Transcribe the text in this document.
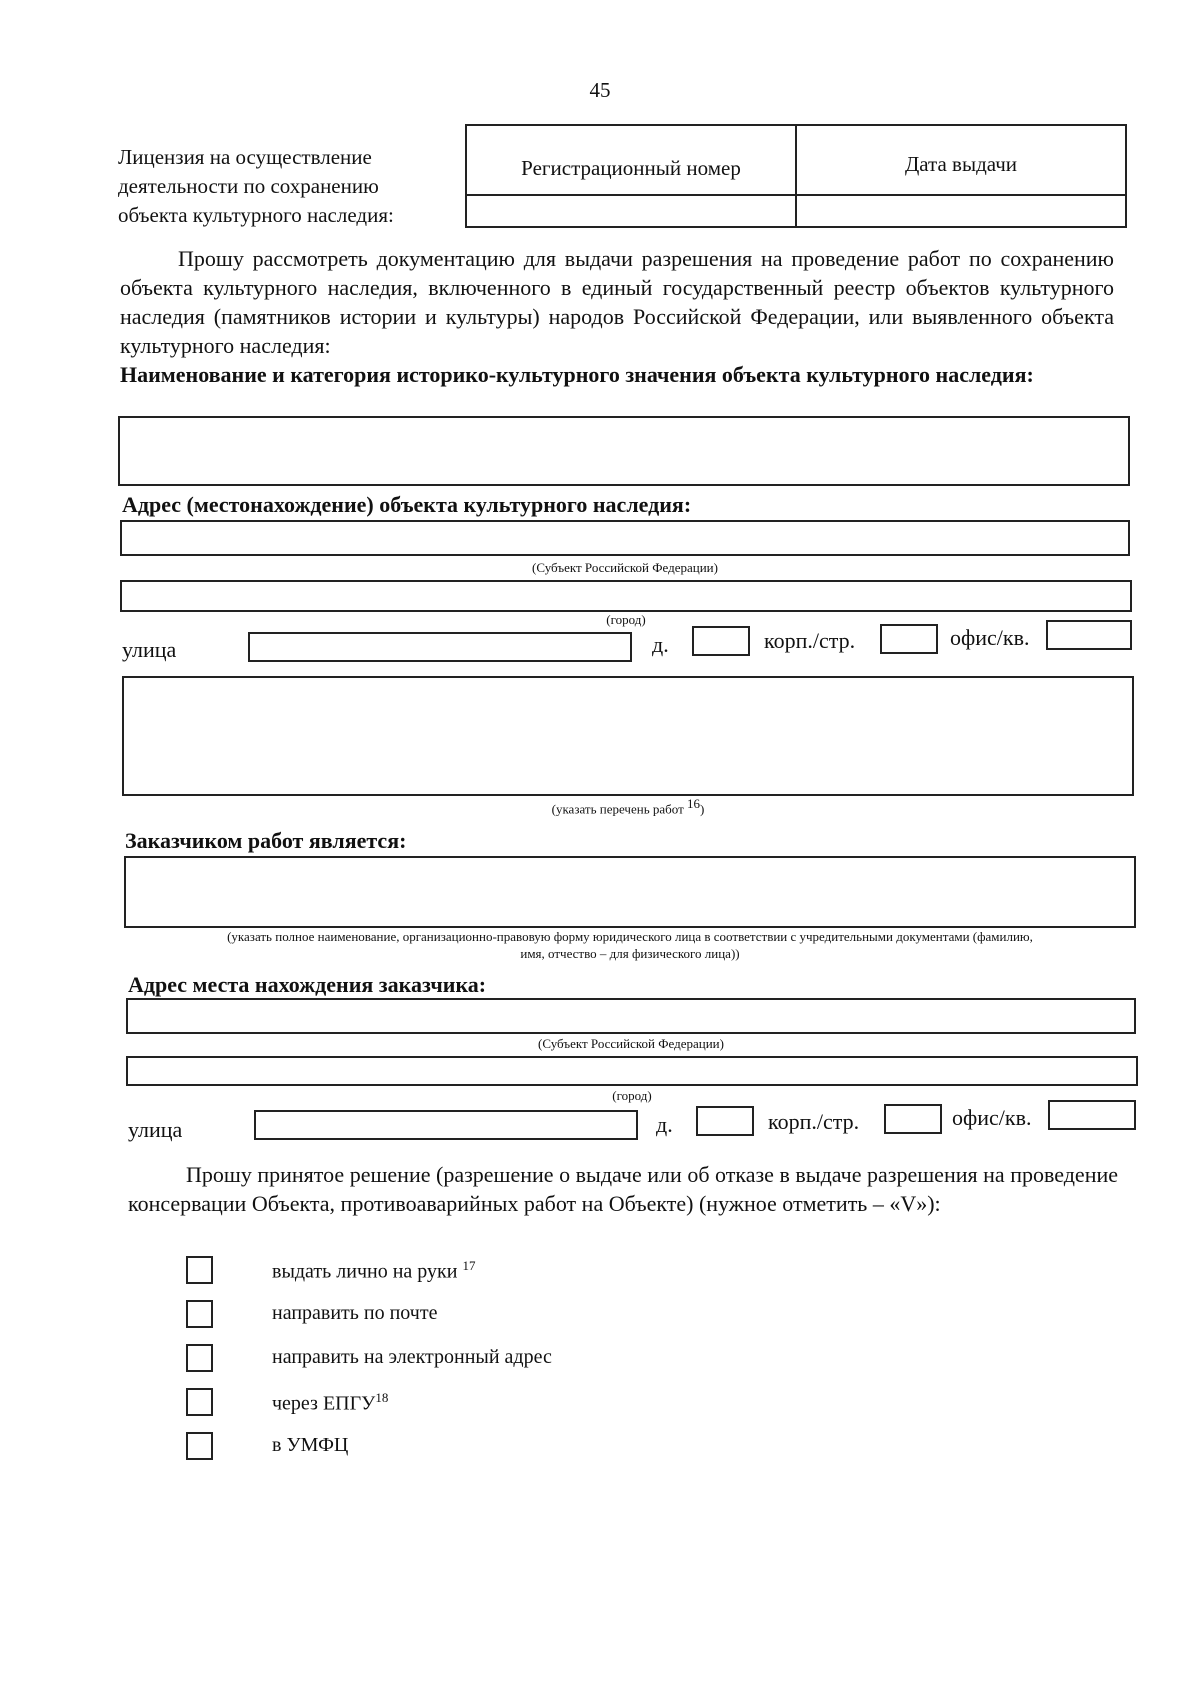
45
Лицензия на осуществление деятельности по сохранению объекта культурного наследия:
Регистрационный номер	Дата выдачи
Прошу рассмотреть документацию для выдачи разрешения на проведение работ по сохранению объекта культурного наследия, включенного в единый государственный реестр объектов культурного наследия (памятников истории и культуры) народов Российской Федерации, или выявленного объекта культурного наследия:
Наименование и категория историко-культурного значения объекта культурного наследия:
Адрес (местонахождение) объекта культурного наследия:
(Субъект Российской Федерации)
(город)
улица	д.	корп./стр.	офис/кв.
(указать перечень работ $^{16}$)
Заказчиком работ является:
(указать полное наименование, организационно-правовую форму юридического лица в соответствии с учредительными документами (фамилию,
имя, отчество – для физического лица))
Адрес места нахождения заказчика:
(Субъект Российской Федерации)
(город)
улица	д.	корп./стр.	офис/кв.
Прошу принятое решение (разрешение о выдаче или об отказе в выдаче разрешения на проведение консервации Объекта, противоаварийных работ на Объекте) (нужное отметить – «V»):
выдать лично на руки $^{17}$
направить по почте
направить на электронный адрес
через ЕПГУ$^{18}$
в УМФЦ
